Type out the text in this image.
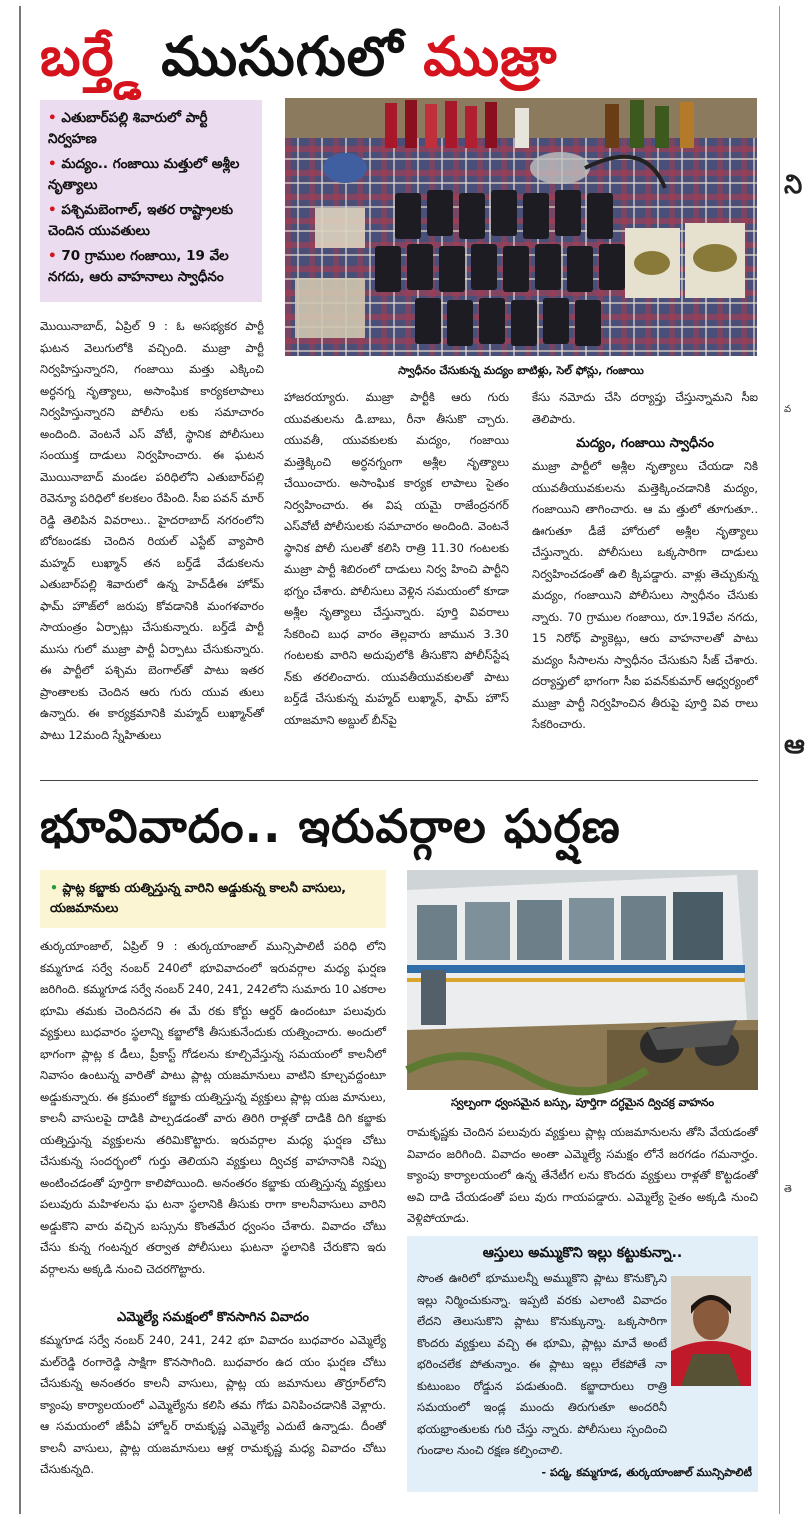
బర్త్డే ముసుగులో ముజ్రా
• ఎతుబార్‌పల్లి శివారులో పార్టీ నిర్వహణ
• మద్యం.. గంజాయి మత్తులో అశ్లీల నృత్యాలు
• పశ్చిమబెంగాల్, ఇతర రాష్ట్రాలకు చెందిన యువతులు
• 70 గ్రాముల గంజాయి, 19 వేల నగదు, ఆరు వాహనాలు స్వాధీనం
స్వాధీనం చేసుకున్న మద్యం బాటిళ్లు, సెల్ ఫోన్లు, గంజాయి
మొయినాబాద్, ఏప్రిల్ 9 : ఓ అసభ్యకర పార్టీ ఘటన వెలుగులోకి వచ్చింది. ముజ్రా పార్టీ నిర్వహిస్తున్నారని, గంజాయి మత్తు ఎక్కించి అర్ధనగ్న నృత్యాలు, అసాంఘిక కార్యకలాపాలు నిర్వహిస్తున్నారని పోలీసు లకు సమాచారం అందింది. వెంటనే ఎస్ వోటీ, స్థానిక పోలీసులు సంయుక్త దాడులు నిర్వహించారు. ఈ ఘటన మొయినాబాద్ మండల పరిధిలోని ఎతుబార్‌పల్లి రెవెన్యూ పరిధిలో కలకలం రేపింది. సీఐ పవన్‌ మార్ రెడ్డి తెలిపిన వివరాలు.. హైదరాబాద్ నగరంలోని బోరబండకు చెందిన రియల్ ఎస్టేట్ వ్యాపారి మహ్మద్ లుఖ్మాన్ తన బర్త్‌డే వేడుకలను ఎతుబార్‌పల్లి శివారులో ఉన్న హెచ్‌డీఈ హోమ్ ఫామ్ హౌజ్‌లో జరుపు కోవడానికి మంగళవారం సాయంత్రం ఏర్పాట్లు చేసుకున్నారు. బర్త్‌డే పార్టీ ముసు గులో ముజ్రా పార్టీ ఏర్పాటు చేసుకున్నారు. ఈ పార్టీలో పశ్చిమ బెంగాల్‌తో పాటు ఇతర ప్రాంతాలకు చెందిన ఆరు గురు యువ తులు ఉన్నారు. ఈ కార్యక్రమానికి మహ్మద్ లుఖ్మాన్‌తో పాటు 12మంది స్నేహితులు
హాజరయ్యారు. ముజ్రా పార్టీకి ఆరు గురు యువతులను డి.బాబు, రీనా తీసుకొ చ్చారు. యువతీ, యువకులకు మద్యం, గంజాయి మత్తెక్కించి అర్ధనగ్నంగా అశ్లీల నృత్యాలు చేయించారు. అసాంఘిక కార్యక లాపాలు సైతం నిర్వహించారు. ఈ విష యమై రాజేంద్రనగర్ ఎస్‌వోటీ పోలీసులకు సమాచారం అందింది. వెంటనే స్థానిక పోలీ సులతో కలిసి రాత్రి 11.30 గంటలకు ముజ్రా పార్టీ శిబిరంలో దాడులు నిర్వ హించి పార్టీని భగ్నం చేశారు. పోలీసులు వెళ్లిన సమయంలో కూడా అశ్లీల నృత్యాలు చేస్తున్నారు. పూర్తి వివరాలు సేకరించి బుధ వారం తెల్లవారు జామున 3.30 గంటలకు వారిని అదుపులోకి తీసుకొని పోలీస్‌స్టేష న్‌కు తరలించారు. యువతీయువకులతో పాటు బర్త్‌డే చేసుకున్న మహ్మద్ లుఖ్మాన్, ఫామ్ హౌస్ యాజమాని అబ్దుల్ బీన్‌పై
కేసు నమోదు చేసి దర్యాప్తు చేస్తున్నామని సీఐ తెలిపారు.
మద్యం, గంజాయి స్వాధీనం
ముజ్రా పార్టీలో అశ్లీల నృత్యాలు చేయడా నికి యువతీయువకులను మత్తెక్కించడానికి మద్యం, గంజాయిని తాగించారు. ఆ మ త్తులో తూగుతూ.. ఊగుతూ డీజే హోరులో అశ్లీల నృత్యాలు చేస్తున్నారు. పోలీసులు ఒక్కసారిగా దాడులు నిర్వహించడంతో ఉలి క్కిపడ్డారు. వాళ్లు తెచ్చుకున్న మద్యం, గంజాయిని పోలీసులు స్వాధీనం చేసుకు న్నారు. 70 గ్రాముల గంజాయి, రూ.19వేల నగదు, 15 నిరోధ్ ప్యాకెట్లు, ఆరు వాహనాలతో పాటు మద్యం సీసాలను స్వాధీనం చేసుకుని సీజ్ చేశారు. దర్యాప్తులో భాగంగా సీఐ పవన్‌కుమార్ ఆధ్వర్యంలో ముజ్రా పార్టీ నిర్వహించిన తీరుపై పూర్తి వివ రాలు సేకరించారు.
భూవివాదం.. ఇరువర్గాల ఘర్షణ
• ప్లాట్ల కబ్జాకు యత్నిస్తున్న వారిని అడ్డుకున్న కాలనీ వాసులు, యజమానులు
స్వల్పంగా ధ్వంసమైన బస్సు, పూర్తిగా దగ్ధమైన ద్విచక్ర వాహనం
తుర్కయాంజాల్, ఏప్రిల్ 9 : తుర్కయాంజాల్ మున్సిపాలిటీ పరిధి లోని కమ్మగూడ సర్వే నంబర్ 240లో భూవివాదంలో ఇరువర్గాల మధ్య ఘర్షణ జరిగింది. కమ్మగూడ సర్వే నంబర్ 240, 241, 242లోని సుమారు 10 ఎకరాల భూమి తమకు చెందినదని ఈ మే రకు కోర్టు ఆర్డర్ ఉందంటూ పలువురు వ్యక్తులు బుధవారం స్థలాన్ని కబ్జాలోకి తీసుకునేందుకు యత్నించారు. అందులో భాగంగా ప్లాట్ల క డీలు, ప్రీకాస్ట్ గోడలను కూల్చివేస్తున్న సమయంలో కాలనీలో నివాసం ఉంటున్న వారితో పాటు ప్లాట్ల యజమానులు వాటిని కూల్చవద్దంటూ అడ్డుకున్నారు. ఈ క్రమంలో కబ్జాకు యత్నిస్తున్న వ్యక్తులు ప్లాట్ల యజ మానులు, కాలనీ వాసులపై దాడికి పాల్పడడంతో వారు తిరిగి రాళ్లతో దాడికి దిగి కబ్జాకు యత్నిస్తున్న వ్యక్తులను తరిమికొట్టారు. ఇరువర్గాల మధ్య ఘర్షణ చోటు చేసుకున్న సందర్భంలో గుర్తు తెలియని వ్యక్తులు ద్విచక్ర వాహనానికి నిప్పు అంటించడంతో పూర్తిగా కాలిపోయింది. అనంతరం కబ్జాకు యత్నిస్తున్న వ్యక్తులు పలువురు మహిళలను ఘ టనా స్థలానికి తీసుకు రాగా కాలనీవాసులు వారిని అడ్డుకొని వారు వచ్చిన బస్సును కొంతమేర ధ్వంసం చేశారు. వివాదం చోటు చేసు కున్న గంటన్నర తర్వాత పోలీసులు ఘటనా స్థలానికి చేరుకొని ఇరు వర్గాలను అక్కడి నుంచి చెదరగొట్టారు.
ఎమ్మెల్యే సమక్షంలో కొనసాగిన వివాదం
కమ్మగూడ సర్వే నంబర్ 240, 241, 242 భూ వివాదం బుధవారం ఎమ్మెల్యే మల్‌రెడ్డి రంగారెడ్డి సాక్షిగా కొనసాగింది. బుధవారం ఉద యం ఘర్షణ చోటు చేసుకున్న అనంతరం కాలనీ వాసులు, ప్లాట్ల య జమానులు తొర్రూర్‌లోని క్యాంపు కార్యాలయంలో ఎమ్మెల్యేను కలిసి తమ గోడు వినిపించడానికి వెళ్లారు. ఆ సమయంలో జీపీఏ హోల్డర్ రామకృష్ణ ఎమ్మెల్యే ఎదుటే ఉన్నాడు. దీంతో కాలనీ వాసులు, ప్లాట్ల యజమానులు ఆళ్ల రామకృష్ణ మధ్య వివాదం చోటు చేసుకున్నది.
రామకృష్ణకు చెందిన పలువురు వ్యక్తులు ప్లాట్ల యజమానులను తోసి వేయడంతో వివాదం జరిగింది. వివాదం అంతా ఎమ్మెల్యే సమక్షం లోనే జరగడం గమనార్హం. క్యాంపు కార్యాలయంలో ఉన్న తేనేటీగ లను కొందరు వ్యక్తులు రాళ్లతో కొట్టడంతో అవి దాడి చేయడంతో పలు వురు గాయపడ్డారు. ఎమ్మెల్యే సైతం అక్కడి నుంచి వెళ్లిపోయాడు.
ఆస్తులు అమ్ముకొని ఇల్లు కట్టుకున్నా..
సొంత ఊరిలో భూములన్నీ అమ్ముకొని ప్లాటు కొనుక్కొని ఇల్లు నిర్మించుకున్నా. ఇప్పటి వరకు ఎలాంటి వివాదం లేదని తెలుసుకొని ప్లాటు కొనుక్కున్నా. ఒక్కసారిగా కొందరు వ్యక్తులు వచ్చి ఈ భూమి, ప్లాట్లు మావే అంటే భరించలేక పోతున్నాం. ఈ ప్లాటు ఇల్లు లేకపోతే నా కుటుంబం రోడ్డున పడుతుంది. కబ్జాదారులు రాత్రి సమయంలో ఇండ్ల ముందు తిరుగుతూ అందరినీ భయభ్రాంతులకు గురి చేస్తు న్నారు. పోలీసులు స్పందించి గుండాల నుంచి రక్షణ కల్పించాలి.
- పద్మ, కమ్మగూడ, తుర్కయాంజాల్ మున్సిపాలిటీ
ని
ఆ
వ
తె
